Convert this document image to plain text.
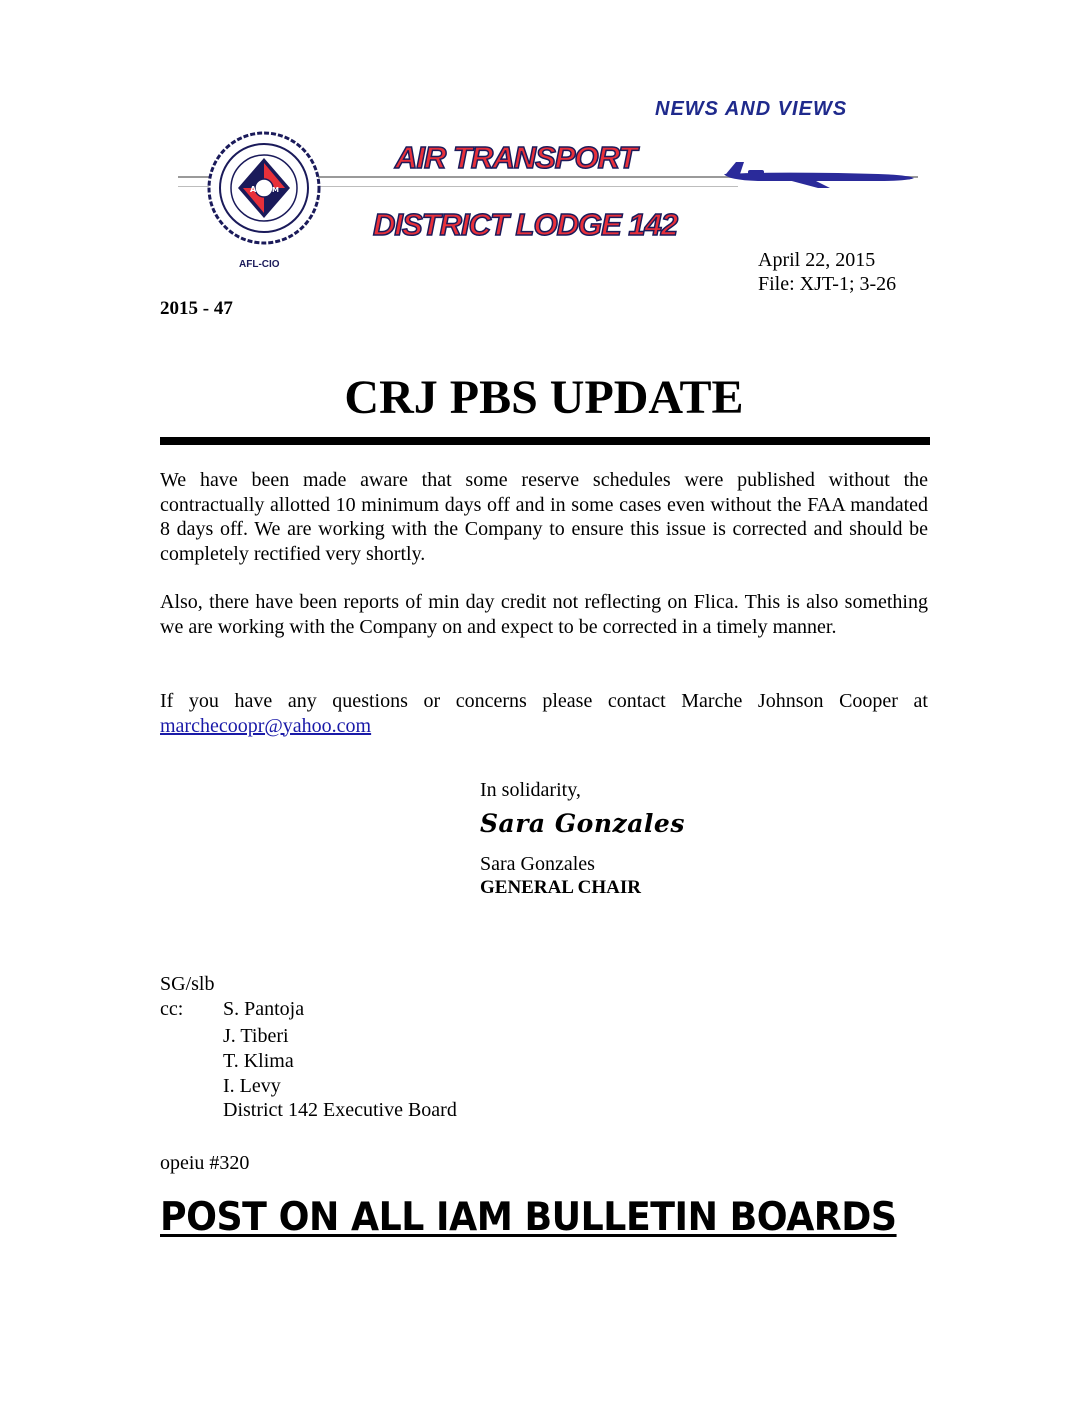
NEWS AND VIEWS
A M
AFL-CIO
AIR TRANSPORT
DISTRICT LODGE 142
April 22, 2015
File: XJT-1; 3-26
2015 - 47
CRJ PBS UPDATE
We have been made aware that some reserve schedules were published without the contractually allotted 10 minimum days off and in some cases even without the FAA mandated 8 days off. We are working with the Company to ensure this issue is corrected and should be completely rectified very shortly.
Also, there have been reports of min day credit not reflecting on Flica. This is also something we are working with the Company on and expect to be corrected in a timely manner.
If you have any questions or concerns please contact Marche Johnson Cooper at marchecoopr@yahoo.com
In solidarity,
Sara Gonzales
Sara Gonzales
GENERAL CHAIR
SG/slb
cc: S. Pantoja
J. Tiberi
T. Klima
I. Levy
District 142 Executive Board
opeiu #320
POST ON ALL IAM BULLETIN BOARDS
